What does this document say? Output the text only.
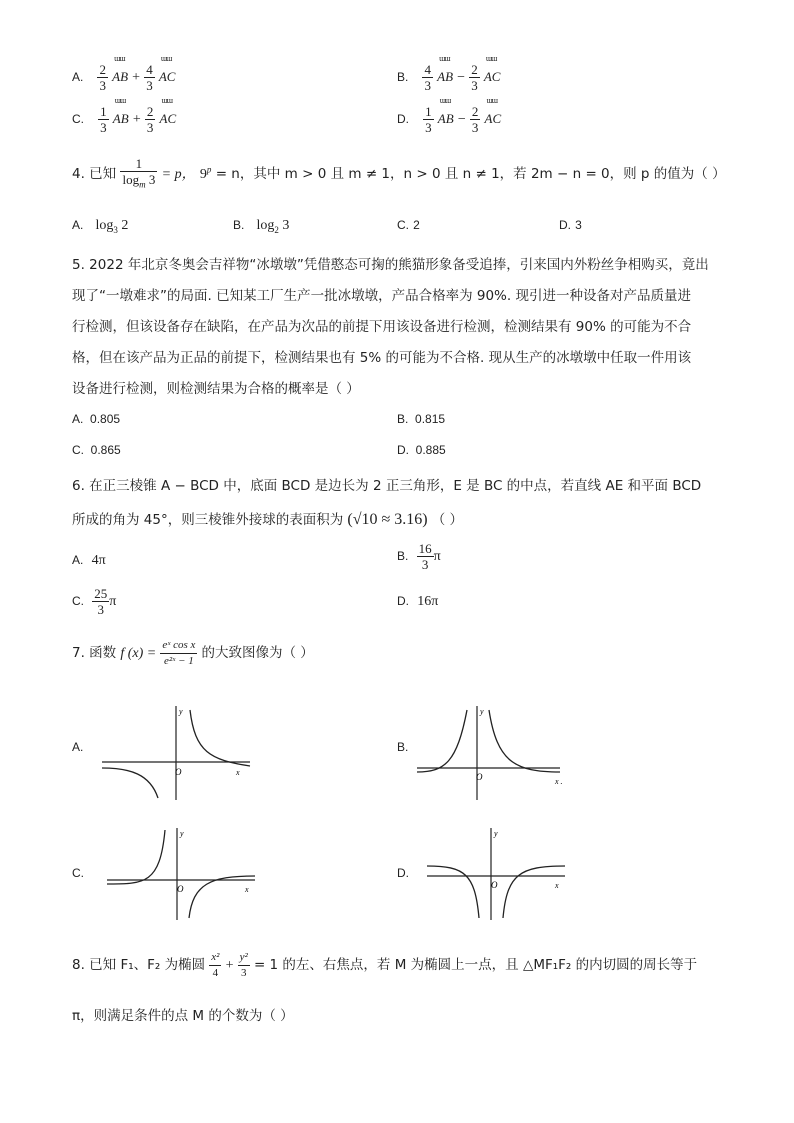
A. $\frac{2}{3}$

ɯɯ
AB + $\frac{4}{3}$

ɯɯ
AC	B. $\frac{4}{3}$

ɯɯ
AB − $\frac{2}{3}$

ɯɯ
AC
C. $\frac{1}{3}$

ɯɯ
AB + $\frac{2}{3}$

ɯɯ
AC	D. $\frac{1}{3}$

ɯɯ
AB − $\frac{2}{3}$

ɯɯ
AC
4. 已知 $\frac{1}{\log_m 3} = p$， $9^p = n$，其中 m > 0 且 m ≠ 1，n > 0 且 n ≠ 1，若 2m − n = 0，则 p 的值为（ ）
A. $\log_3 2$	B. $\log_2 3$	C. 2	D. 3
5. 2022 年北京冬奥会吉祥物“冰墩墩”凭借憨态可掬的熊猫形象备受追捧，引来国内外粉丝争相购买，竟出
现了“一墩难求”的局面. 已知某工厂生产一批冰墩墩，产品合格率为 90%. 现引进一种设备对产品质量进
行检测，但该设备存在缺陷，在产品为次品的前提下用该设备进行检测，检测结果有 90% 的可能为不合
格，但在该产品为正品的前提下，检测结果也有 5% 的可能为不合格. 现从生产的冰墩墩中任取一件用该
设备进行检测，则检测结果为合格的概率是（ ）
A. 0.805	B. 0.815
C. 0.865	D. 0.885
6. 在正三棱锥 A − BCD 中，底面 BCD 是边长为 2 正三角形，E 是 BC 的中点，若直线 AE 和平面 BCD
所成的角为 45°，则三棱锥外接球的表面积为 (√10 ≈ 3.16) （ ）
A. 4π	B. $\frac{16}{3}$ π
C. $\frac{25}{3}$ π	D. 16π
7. 函数 f $(x) = \frac{\text{eˣ cos x}}{\text{e²ˣ − 1}}$ 的大致图像为（ ）
A.
y
O	x
B.
y
O	x .
C.
y
O	x
D.
y
O	x
8. 已知 F₁、F₂ 为椭圆 $\frac{\text{x²}}{4} + \frac{\text{y²}}{3} = 1$ 的左、右焦点，若 M 为椭圆上一点，且 △MF₁F₂ 的内切圆的周长等于
π，则满足条件的点 M 的个数为（ ）
